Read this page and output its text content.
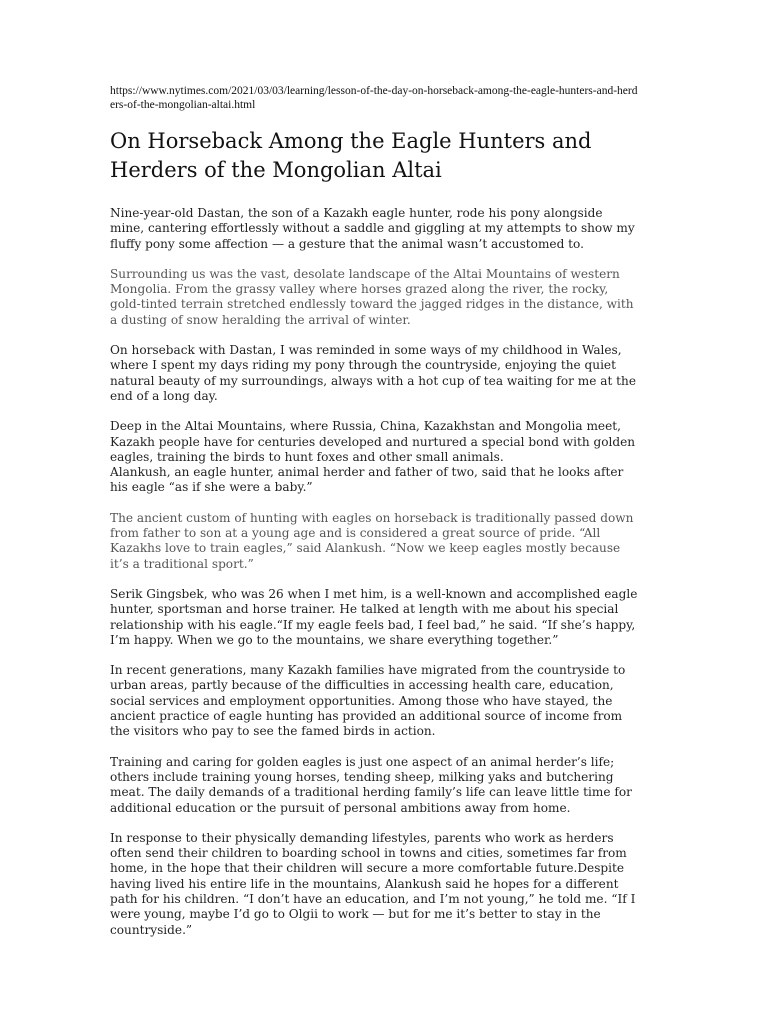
https://www.nytimes.com/2021/03/03/learning/lesson-of-the-day-on-horseback-among-the-eagle-hunters-and-herders-of-the-mongolian-altai.html
On Horseback Among the Eagle Hunters and Herders of the Mongolian Altai

Nine-year-old Dastan, the son of a Kazakh eagle hunter, rode his pony alongside mine, cantering effortlessly without a saddle and giggling at my attempts to show my fluffy pony some affection — a gesture that the animal wasn’t accustomed to.

Surrounding us was the vast, desolate landscape of the Altai Mountains of western Mongolia. From the grassy valley where horses grazed along the river, the rocky, gold-tinted terrain stretched endlessly toward the jagged ridges in the distance, with a dusting of snow heralding the arrival of winter.

On horseback with Dastan, I was reminded in some ways of my childhood in Wales, where I spent my days riding my pony through the countryside, enjoying the quiet natural beauty of my surroundings, always with a hot cup of tea waiting for me at the end of a long day.

Deep in the Altai Mountains, where Russia, China, Kazakhstan and Mongolia meet, Kazakh people have for centuries developed and nurtured a special bond with golden eagles, training the birds to hunt foxes and other small animals.

Alankush, an eagle hunter, animal herder and father of two, said that he looks after his eagle “as if she were a baby.”

The ancient custom of hunting with eagles on horseback is traditionally passed down from father to son at a young age and is considered a great source of pride. “All Kazakhs love to train eagles,” said Alankush. “Now we keep eagles mostly because it’s a traditional sport.”

Serik Gingsbek, who was 26 when I met him, is a well-known and accomplished eagle hunter, sportsman and horse trainer. He talked at length with me about his special relationship with his eagle.“If my eagle feels bad, I feel bad,” he said. “If she’s happy, I’m happy. When we go to the mountains, we share everything together.”

In recent generations, many Kazakh families have migrated from the countryside to urban areas, partly because of the difficulties in accessing health care, education, social services and employment opportunities. Among those who have stayed, the ancient practice of eagle hunting has provided an additional source of income from the visitors who pay to see the famed birds in action.

Training and caring for golden eagles is just one aspect of an animal herder’s life; others include training young horses, tending sheep, milking yaks and butchering meat. The daily demands of a traditional herding family’s life can leave little time for additional education or the pursuit of personal ambitions away from home.

In response to their physically demanding lifestyles, parents who work as herders often send their children to boarding school in towns and cities, sometimes far from home, in the hope that their children will secure a more comfortable future.Despite having lived his entire life in the mountains, Alankush said he hopes for a different path for his children. “I don’t have an education, and I’m not young,” he told me. “If I were young, maybe I’d go to Olgii to work — but for me it’s better to stay in the countryside.”
